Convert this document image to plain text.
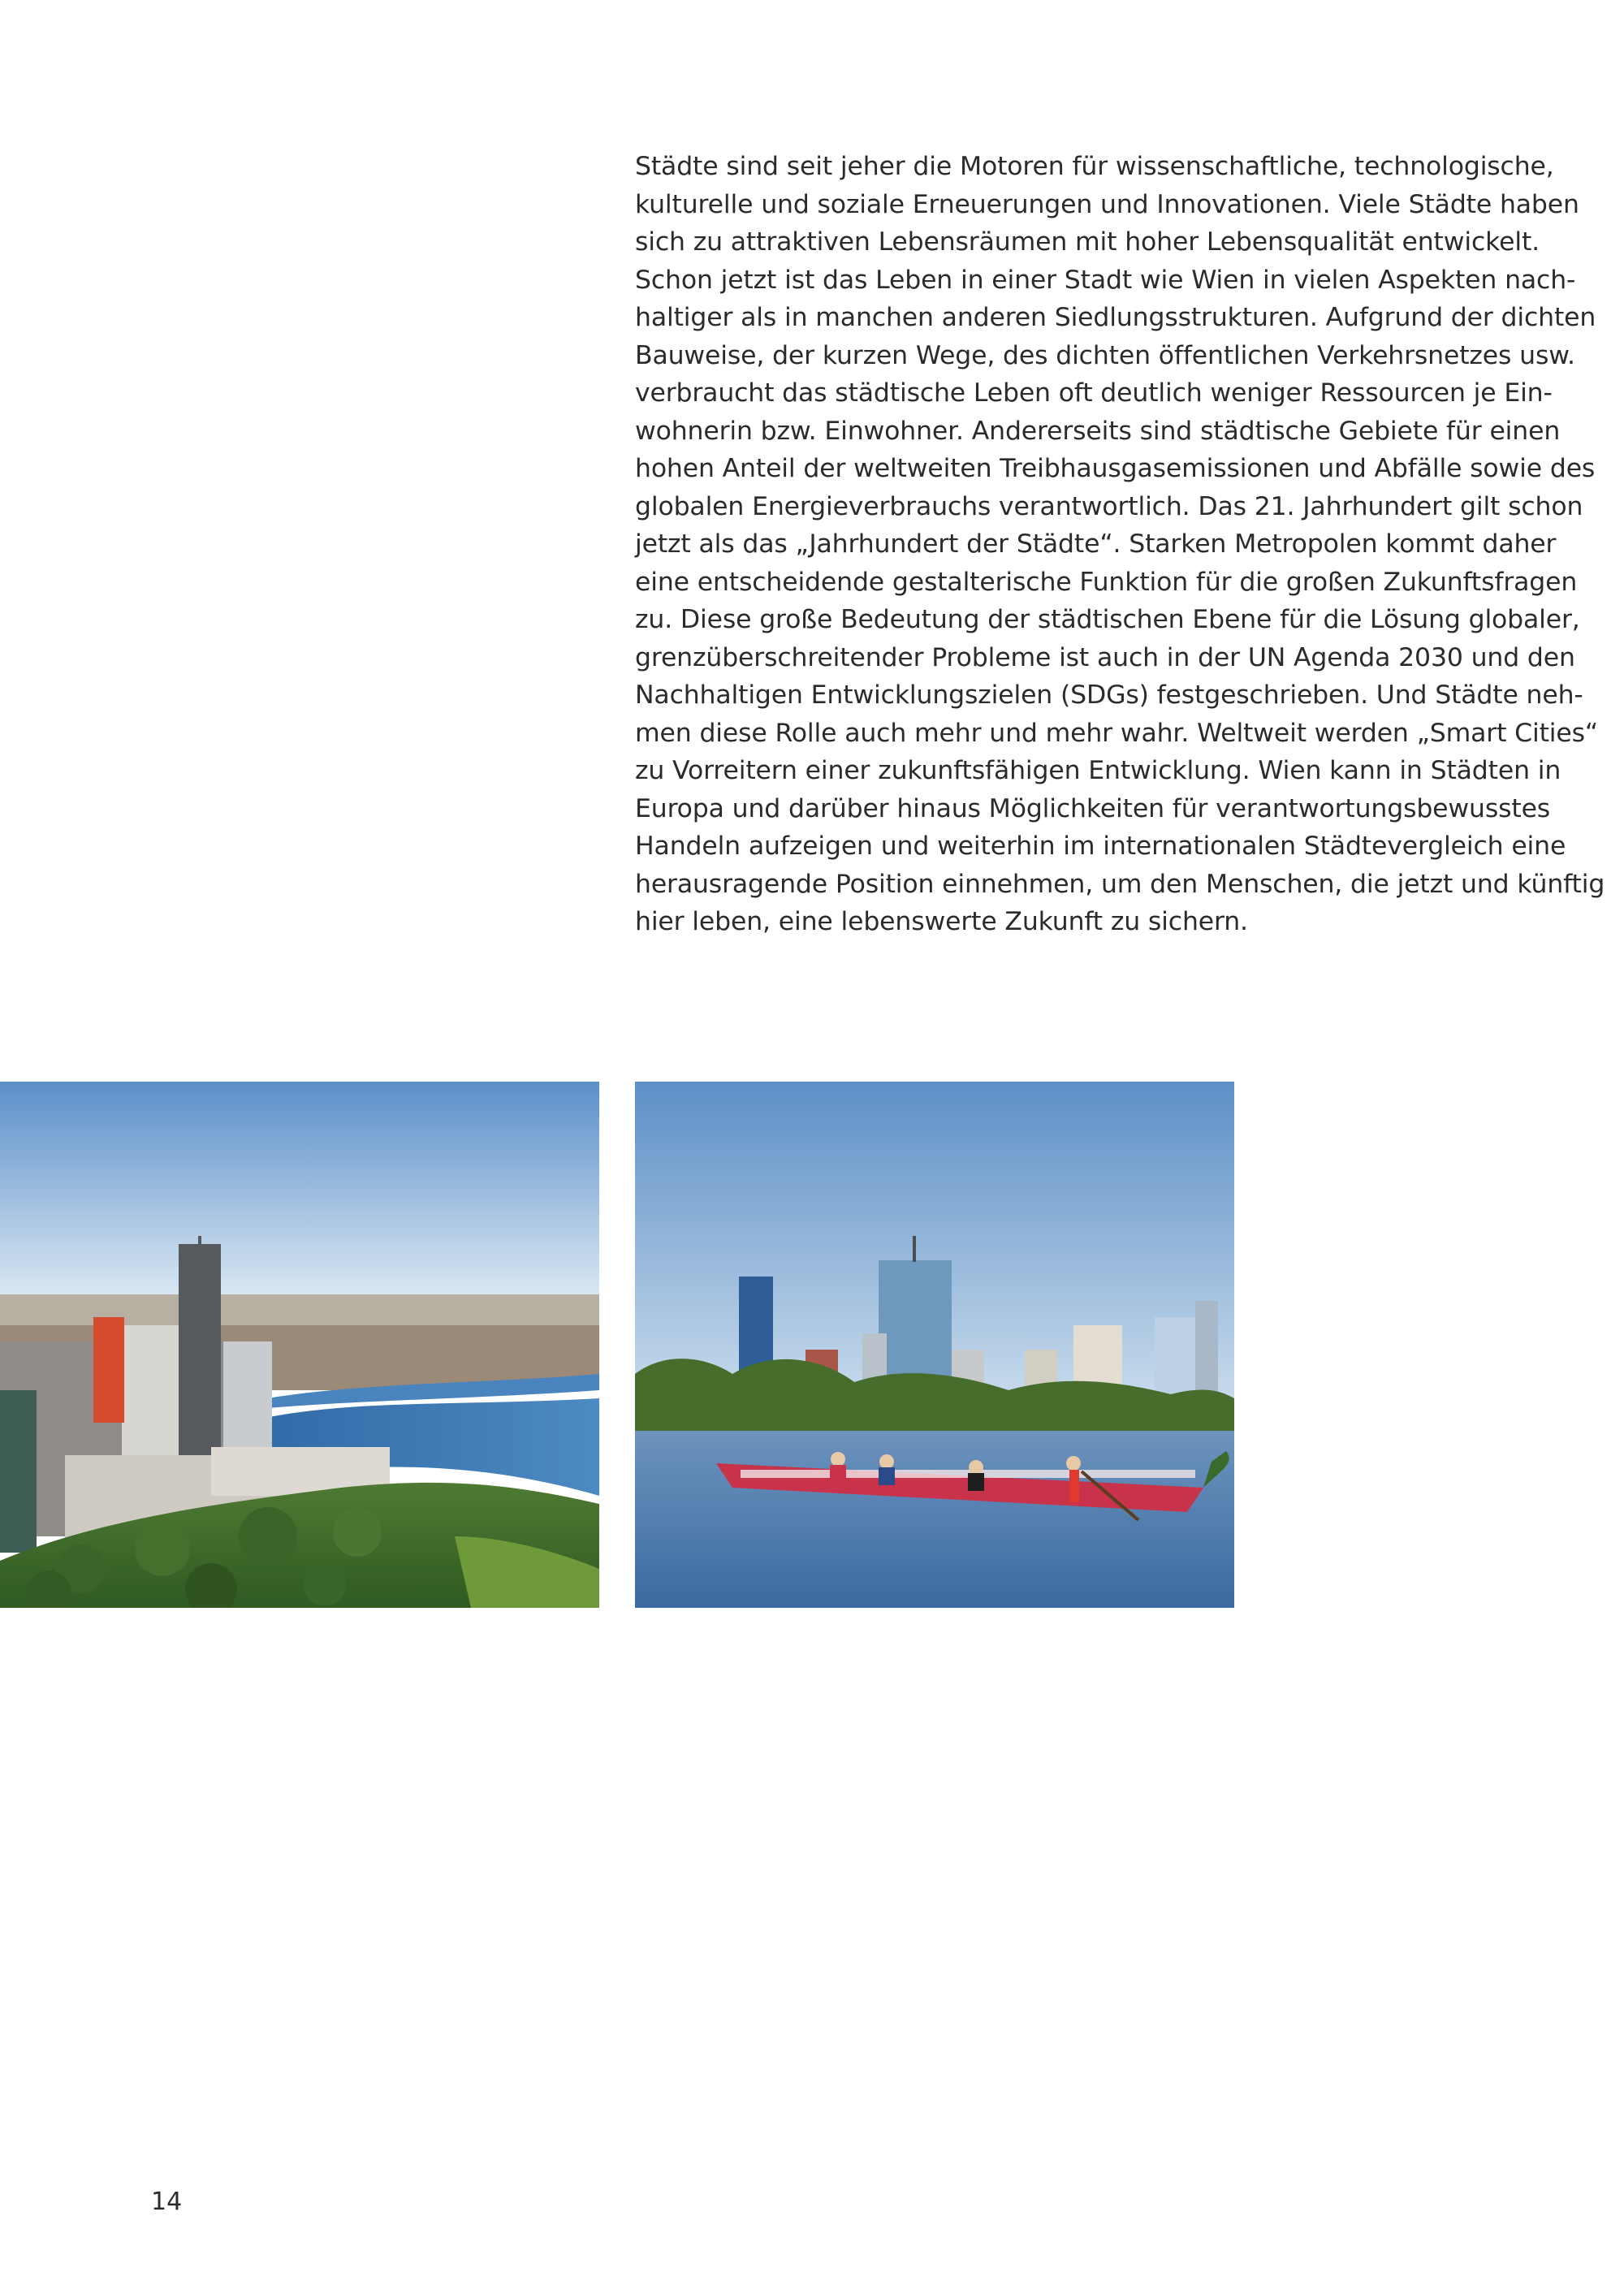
Städte sind seit jeher die Motoren für wissenschaftliche, technologische,
kulturelle und soziale Erneuerungen und Innovationen. Viele Städte haben
sich zu attraktiven Lebensräumen mit hoher Lebensqualität entwickelt.
Schon jetzt ist das Leben in einer Stadt wie Wien in vielen Aspekten nach-
haltiger als in manchen anderen Siedlungsstrukturen. Aufgrund der dichten
Bauweise, der kurzen Wege, des dichten öffentlichen Verkehrsnetzes usw.
verbraucht das städtische Leben oft deutlich weniger Ressourcen je Ein-
wohnerin bzw. Einwohner. Andererseits sind städtische Gebiete für einen
hohen Anteil der weltweiten Treibhausgasemissionen und Abfälle sowie des
globalen Energieverbrauchs verantwortlich. Das 21. Jahrhundert gilt schon
jetzt als das „Jahrhundert der Städte“. Starken Metropolen kommt daher
eine entscheidende gestalterische Funktion für die großen Zukunftsfragen
zu. Diese große Bedeutung der städtischen Ebene für die Lösung globaler,
grenzüberschreitender Probleme ist auch in der UN Agenda 2030 und den
Nachhaltigen Entwicklungszielen (SDGs) festgeschrieben. Und Städte neh-
men diese Rolle auch mehr und mehr wahr. Weltweit werden „Smart Cities“
zu Vorreitern einer zukunftsfähigen Entwicklung. Wien kann in Städten in
Europa und darüber hinaus Möglichkeiten für verantwortungsbewusstes
Handeln aufzeigen und weiterhin im internationalen Städtevergleich eine
herausragende Position einnehmen, um den Menschen, die jetzt und künftig
hier leben, eine lebenswerte Zukunft zu sichern.
14
